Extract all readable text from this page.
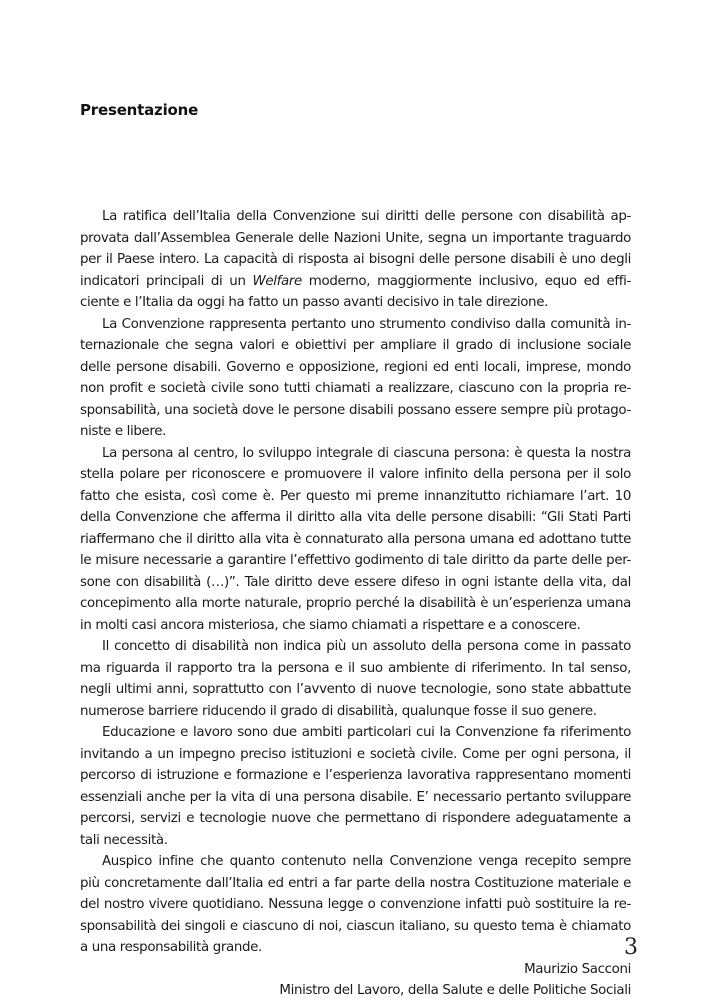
Presentazione
La ratifica dell’Italia della Convenzione sui diritti delle persone con disabilità ap-
provata dall’Assemblea Generale delle Nazioni Unite, segna un importante traguardo
per il Paese intero. La capacità di risposta ai bisogni delle persone disabili è uno degli
indicatori principali di un Welfare moderno, maggiormente inclusivo, equo ed effi-
ciente e l’Italia da oggi ha fatto un passo avanti decisivo in tale direzione.
La Convenzione rappresenta pertanto uno strumento condiviso dalla comunità in-
ternazionale che segna valori e obiettivi per ampliare il grado di inclusione sociale
delle persone disabili. Governo e opposizione, regioni ed enti locali, imprese, mondo
non profit e società civile sono tutti chiamati a realizzare, ciascuno con la propria re-
sponsabilità, una società dove le persone disabili possano essere sempre più protago-
niste e libere.
La persona al centro, lo sviluppo integrale di ciascuna persona: è questa la nostra
stella polare per riconoscere e promuovere il valore infinito della persona per il solo
fatto che esista, così come è. Per questo mi preme innanzitutto richiamare l’art. 10
della Convenzione che afferma il diritto alla vita delle persone disabili: “Gli Stati Parti
riaffermano che il diritto alla vita è connaturato alla persona umana ed adottano tutte
le misure necessarie a garantire l’effettivo godimento di tale diritto da parte delle per-
sone con disabilità (…)”. Tale diritto deve essere difeso in ogni istante della vita, dal
concepimento alla morte naturale, proprio perché la disabilità è un’esperienza umana
in molti casi ancora misteriosa, che siamo chiamati a rispettare e a conoscere.
Il concetto di disabilità non indica più un assoluto della persona come in passato
ma riguarda il rapporto tra la persona e il suo ambiente di riferimento. In tal senso,
negli ultimi anni, soprattutto con l’avvento di nuove tecnologie, sono state abbattute
numerose barriere riducendo il grado di disabilità, qualunque fosse il suo genere.
Educazione e lavoro sono due ambiti particolari cui la Convenzione fa riferimento
invitando a un impegno preciso istituzioni e società civile. Come per ogni persona, il
percorso di istruzione e formazione e l’esperienza lavorativa rappresentano momenti
essenziali anche per la vita di una persona disabile. E’ necessario pertanto sviluppare
percorsi, servizi e tecnologie nuove che permettano di rispondere adeguatamente a
tali necessità.
Auspico infine che quanto contenuto nella Convenzione venga recepito sempre
più concretamente dall’Italia ed entri a far parte della nostra Costituzione materiale e
del nostro vivere quotidiano. Nessuna legge o convenzione infatti può sostituire la re-
sponsabilità dei singoli e ciascuno di noi, ciascun italiano, su questo tema è chiamato
a una responsabilità grande.
Maurizio Sacconi
Ministro del Lavoro, della Salute e delle Politiche Sociali
3
